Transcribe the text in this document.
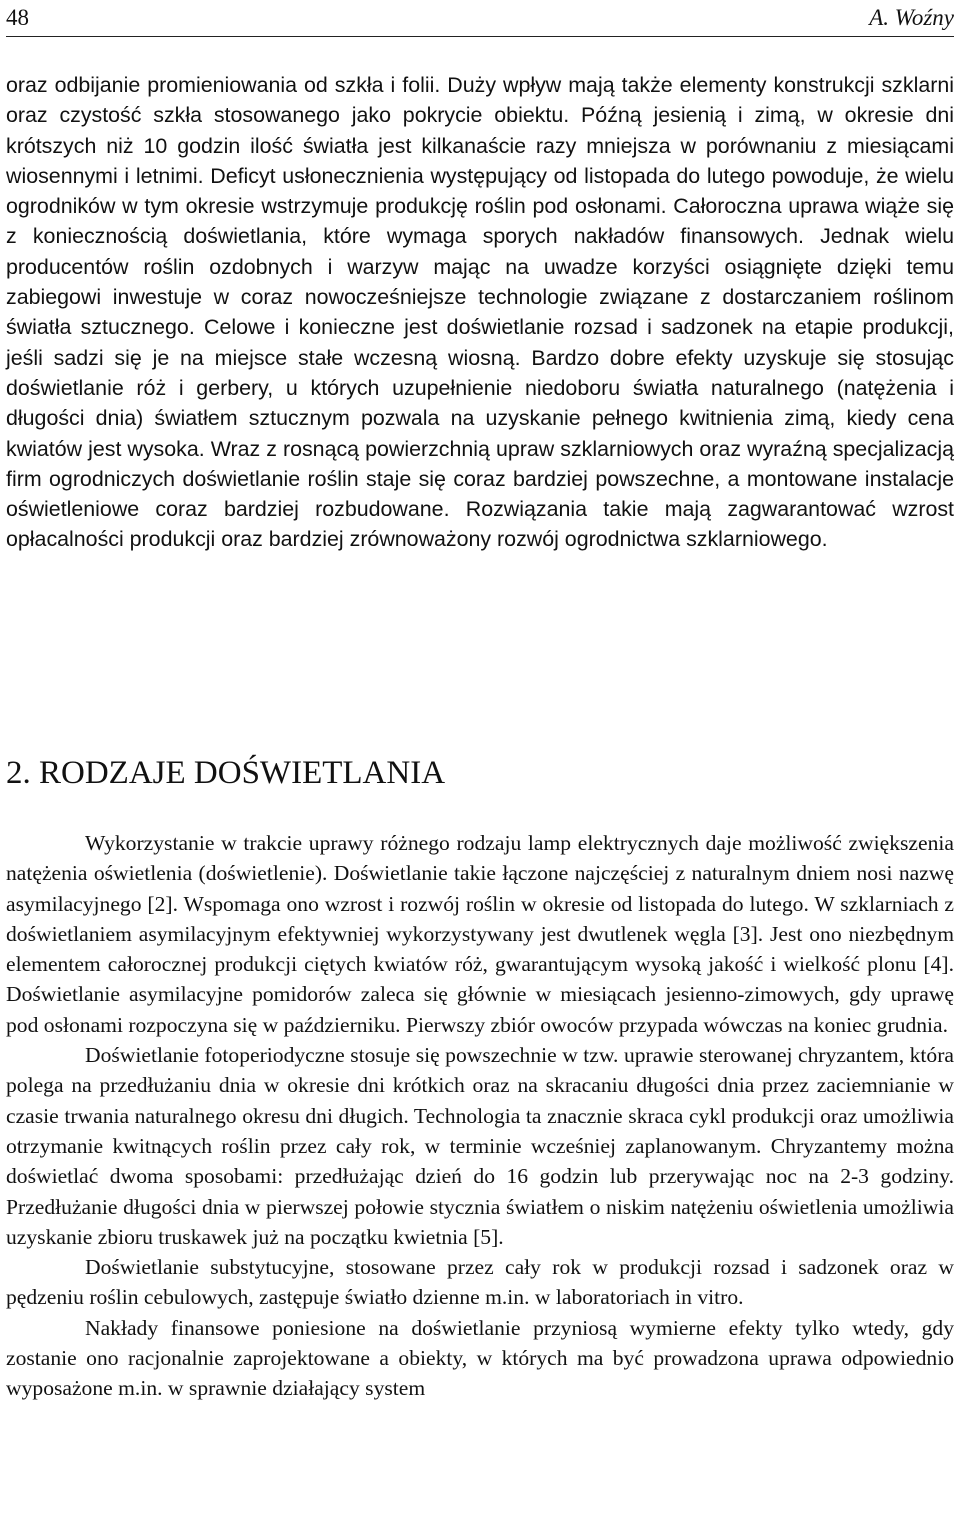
48	A. Woźny

oraz odbijanie promieniowania od szkła i folii. Duży wpływ mają także elementy konstrukcji szklarni oraz czystość szkła stosowanego jako pokrycie obiektu. Późną jesienią i zimą, w okresie dni krótszych niż 10 godzin ilość światła jest kilkanaście razy mniejsza w porównaniu z miesiącami wiosennymi i letnimi. Deficyt usłonecznienia występujący od listopada do lutego powoduje, że wielu ogrodników w tym okresie wstrzymuje produkcję roślin pod osłonami. Całoroczna uprawa wiąże się z koniecznością doświetlania, które wymaga sporych nakładów finansowych. Jednak wielu producentów roślin ozdobnych i warzyw mając na uwadze korzyści osiągnięte dzięki temu zabiegowi inwestuje w coraz nowocześniejsze technologie związane z dostarczaniem roślinom światła sztucznego. Celowe i konieczne jest doświetlanie rozsad i sadzonek na etapie produkcji, jeśli sadzi się je na miejsce stałe wczesną wiosną. Bardzo dobre efekty uzyskuje się stosując doświetlanie róż i gerbery, u których uzupełnienie niedoboru światła naturalnego (natężenia i długości dnia) światłem sztucznym pozwala na uzyskanie pełnego kwitnienia zimą, kiedy cena kwiatów jest wysoka. Wraz z rosnącą powierzchnią upraw szklarniowych oraz wyraźną specjalizacją firm ogrodniczych doświetlanie roślin staje się coraz bardziej powszechne, a montowane instalacje oświetleniowe coraz bardziej rozbudowane. Rozwiązania takie mają zagwarantować wzrost opłacalności produkcji oraz bardziej zrównoważony rozwój ogrodnictwa szklarniowego.

2. RODZAJE DOŚWIETLANIA

Wykorzystanie w trakcie uprawy różnego rodzaju lamp elektrycznych daje możliwość zwiększenia natężenia oświetlenia (doświetlenie). Doświetlanie takie łączone najczęściej z naturalnym dniem nosi nazwę asymilacyjnego [2]. Wspomaga ono wzrost i rozwój roślin w okresie od listopada do lutego. W szklarniach z doświetlaniem asymilacyjnym efektywniej wykorzystywany jest dwutlenek węgla [3]. Jest ono niezbędnym elementem całorocznej produkcji ciętych kwiatów róż, gwarantującym wysoką jakość i wielkość plonu [4]. Doświetlanie asymilacyjne pomidorów zaleca się głównie w miesiącach jesienno-zimowych, gdy uprawę pod osłonami rozpoczyna się w październiku. Pierwszy zbiór owoców przypada wówczas na koniec grudnia.

Doświetlanie fotoperiodyczne stosuje się powszechnie w tzw. uprawie sterowanej chryzantem, która polega na przedłużaniu dnia w okresie dni krótkich oraz na skracaniu długości dnia przez zaciemnianie w czasie trwania naturalnego okresu dni długich. Technologia ta znacznie skraca cykl produkcji oraz umożliwia otrzymanie kwitnących roślin przez cały rok, w terminie wcześniej zaplanowanym. Chryzantemy można doświetlać dwoma sposobami: przedłużając dzień do 16 godzin lub przerywając noc na 2-3 godziny. Przedłużanie długości dnia w pierwszej połowie stycznia światłem o niskim natężeniu oświetlenia umożliwia uzyskanie zbioru truskawek już na początku kwietnia [5].

Doświetlanie substytucyjne, stosowane przez cały rok w produkcji rozsad i sadzonek oraz w pędzeniu roślin cebulowych, zastępuje światło dzienne m.in. w laboratoriach in vitro.

Nakłady finansowe poniesione na doświetlanie przyniosą wymierne efekty tylko wtedy, gdy zostanie ono racjonalnie zaprojektowane a obiekty, w których ma być prowadzona uprawa odpowiednio wyposażone m.in. w sprawnie działający system
